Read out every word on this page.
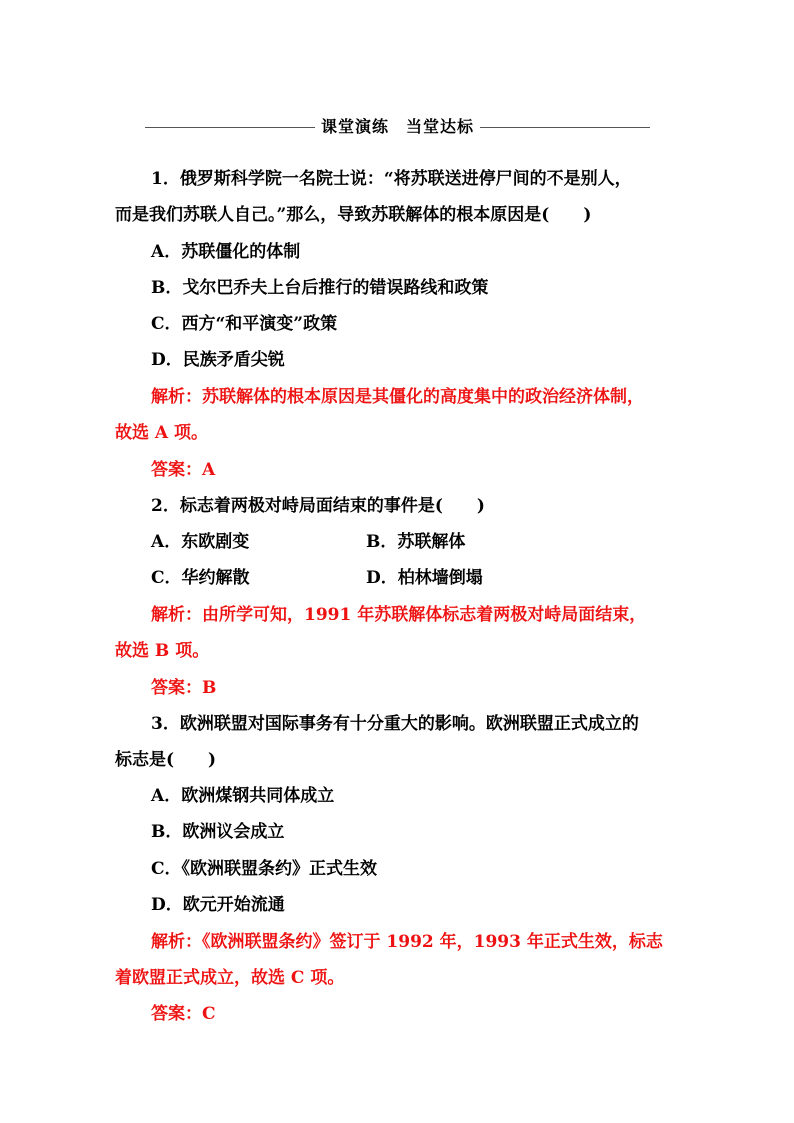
课堂演练　当堂达标
1．俄罗斯科学院一名院士说：“将苏联送进停尸间的不是别人，
而是我们苏联人自己。”那么，导致苏联解体的根本原因是(　　)
A．苏联僵化的体制
B．戈尔巴乔夫上台后推行的错误路线和政策
C．西方“和平演变”政策
D．民族矛盾尖锐
解析：苏联解体的根本原因是其僵化的高度集中的政治经济体制，
故选 A 项。
答案：A
2．标志着两极对峙局面结束的事件是(　　)
A．东欧剧变	B．苏联解体
C．华约解散	D．柏林墙倒塌
解析：由所学可知，1991 年苏联解体标志着两极对峙局面结束，
故选 B 项。
答案：B
3．欧洲联盟对国际事务有十分重大的影响。欧洲联盟正式成立的
标志是(　　)
A．欧洲煤钢共同体成立
B．欧洲议会成立
C．《欧洲联盟条约》正式生效
D．欧元开始流通
解析：《欧洲联盟条约》签订于 1992 年，1993 年正式生效，标志
着欧盟正式成立，故选 C 项。
答案：C
